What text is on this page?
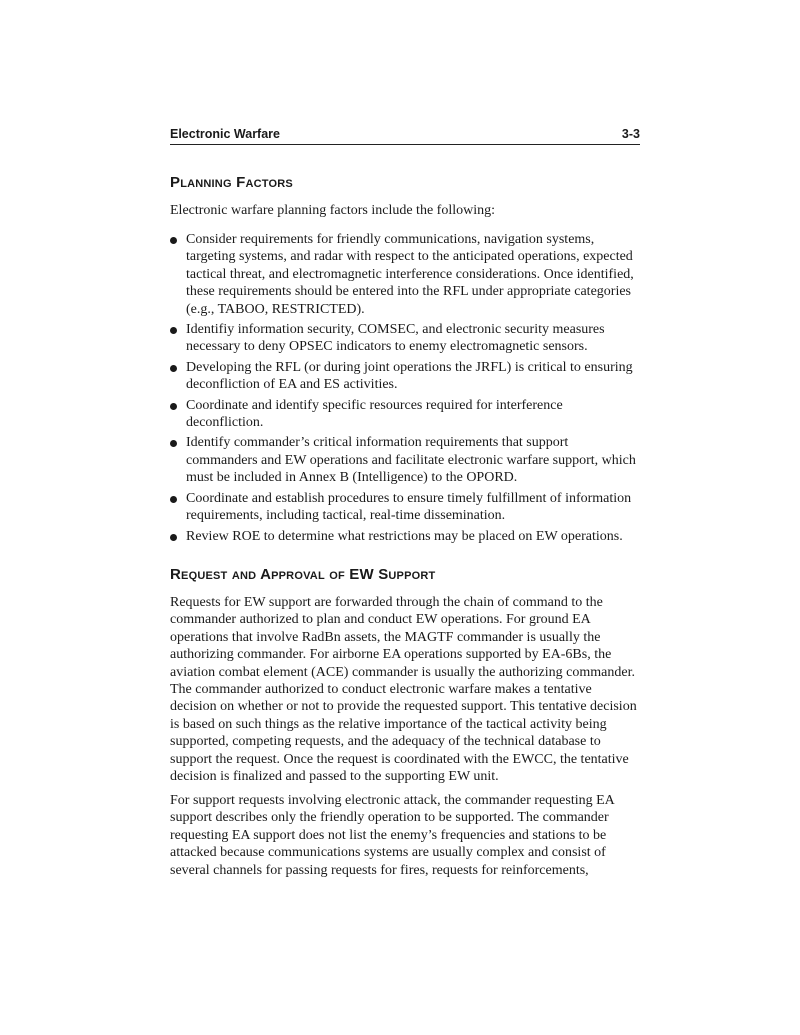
Electronic Warfare	3-3
Planning Factors

Electronic warfare planning factors include the following:

Consider requirements for friendly communications, navigation systems, targeting systems, and radar with respect to the anticipated operations, expected tactical threat, and electromagnetic interference considerations. Once identified, these requirements should be entered into the RFL under appropriate categories (e.g., TABOO, RESTRICTED).
Identifiy information security, COMSEC, and electronic security measures necessary to deny OPSEC indicators to enemy electromagnetic sensors.
Developing the RFL (or during joint operations the JRFL) is critical to ensuring deconfliction of EA and ES activities.
Coordinate and identify specific resources required for interference deconfliction.
Identify commander’s critical information requirements that support commanders and EW operations and facilitate electronic warfare support, which must be included in Annex B (Intelligence) to the OPORD.
Coordinate and establish procedures to ensure timely fulfillment of information requirements, including tactical, real-time dissemination.
Review ROE to determine what restrictions may be placed on EW operations.
Request and Approval of EW Support

Requests for EW support are forwarded through the chain of command to the commander authorized to plan and conduct EW operations. For ground EA operations that involve RadBn assets, the MAGTF commander is usually the authorizing commander. For airborne EA operations supported by EA-6Bs, the aviation combat element (ACE) commander is usually the authorizing commander. The commander authorized to conduct electronic warfare makes a tentative decision on whether or not to provide the requested support. This tentative decision is based on such things as the relative importance of the tactical activity being supported, competing requests, and the adequacy of the technical database to support the request. Once the request is coordinated with the EWCC, the tentative decision is finalized and passed to the supporting EW unit.

For support requests involving electronic attack, the commander requesting EA support describes only the friendly operation to be supported. The commander requesting EA support does not list the enemy’s frequencies and stations to be attacked because communications systems are usually complex and consist of several channels for passing requests for fires, requests for reinforcements,
